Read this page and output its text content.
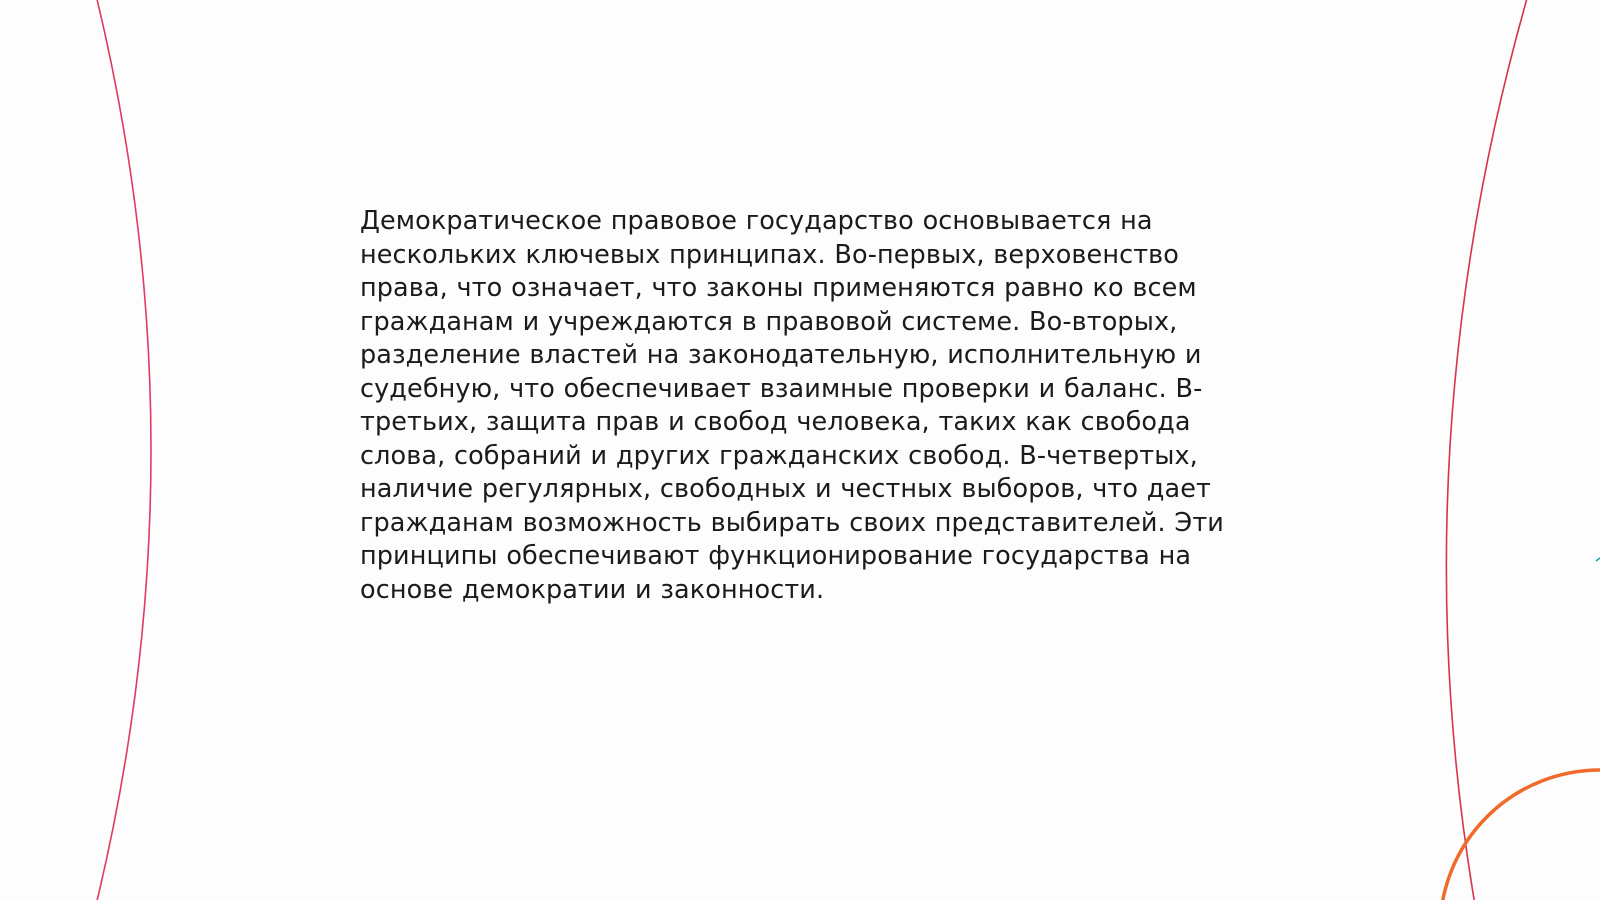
Демократическое правовое государство основывается на нескольких ключевых принципах. Во-первых, верховенство права, что означает, что законы применяются равно ко всем гражданам и учреждаются в правовой системе. Во-вторых, разделение властей на законодательную, исполнительную и судебную, что обеспечивает взаимные проверки и баланс. В-третьих, защита прав и свобод человека, таких как свобода слова, собраний и других гражданских свобод. В-четвертых, наличие регулярных, свободных и честных выборов, что дает гражданам возможность выбирать своих представителей. Эти принципы обеспечивают функционирование государства на основе демократии и законности.
